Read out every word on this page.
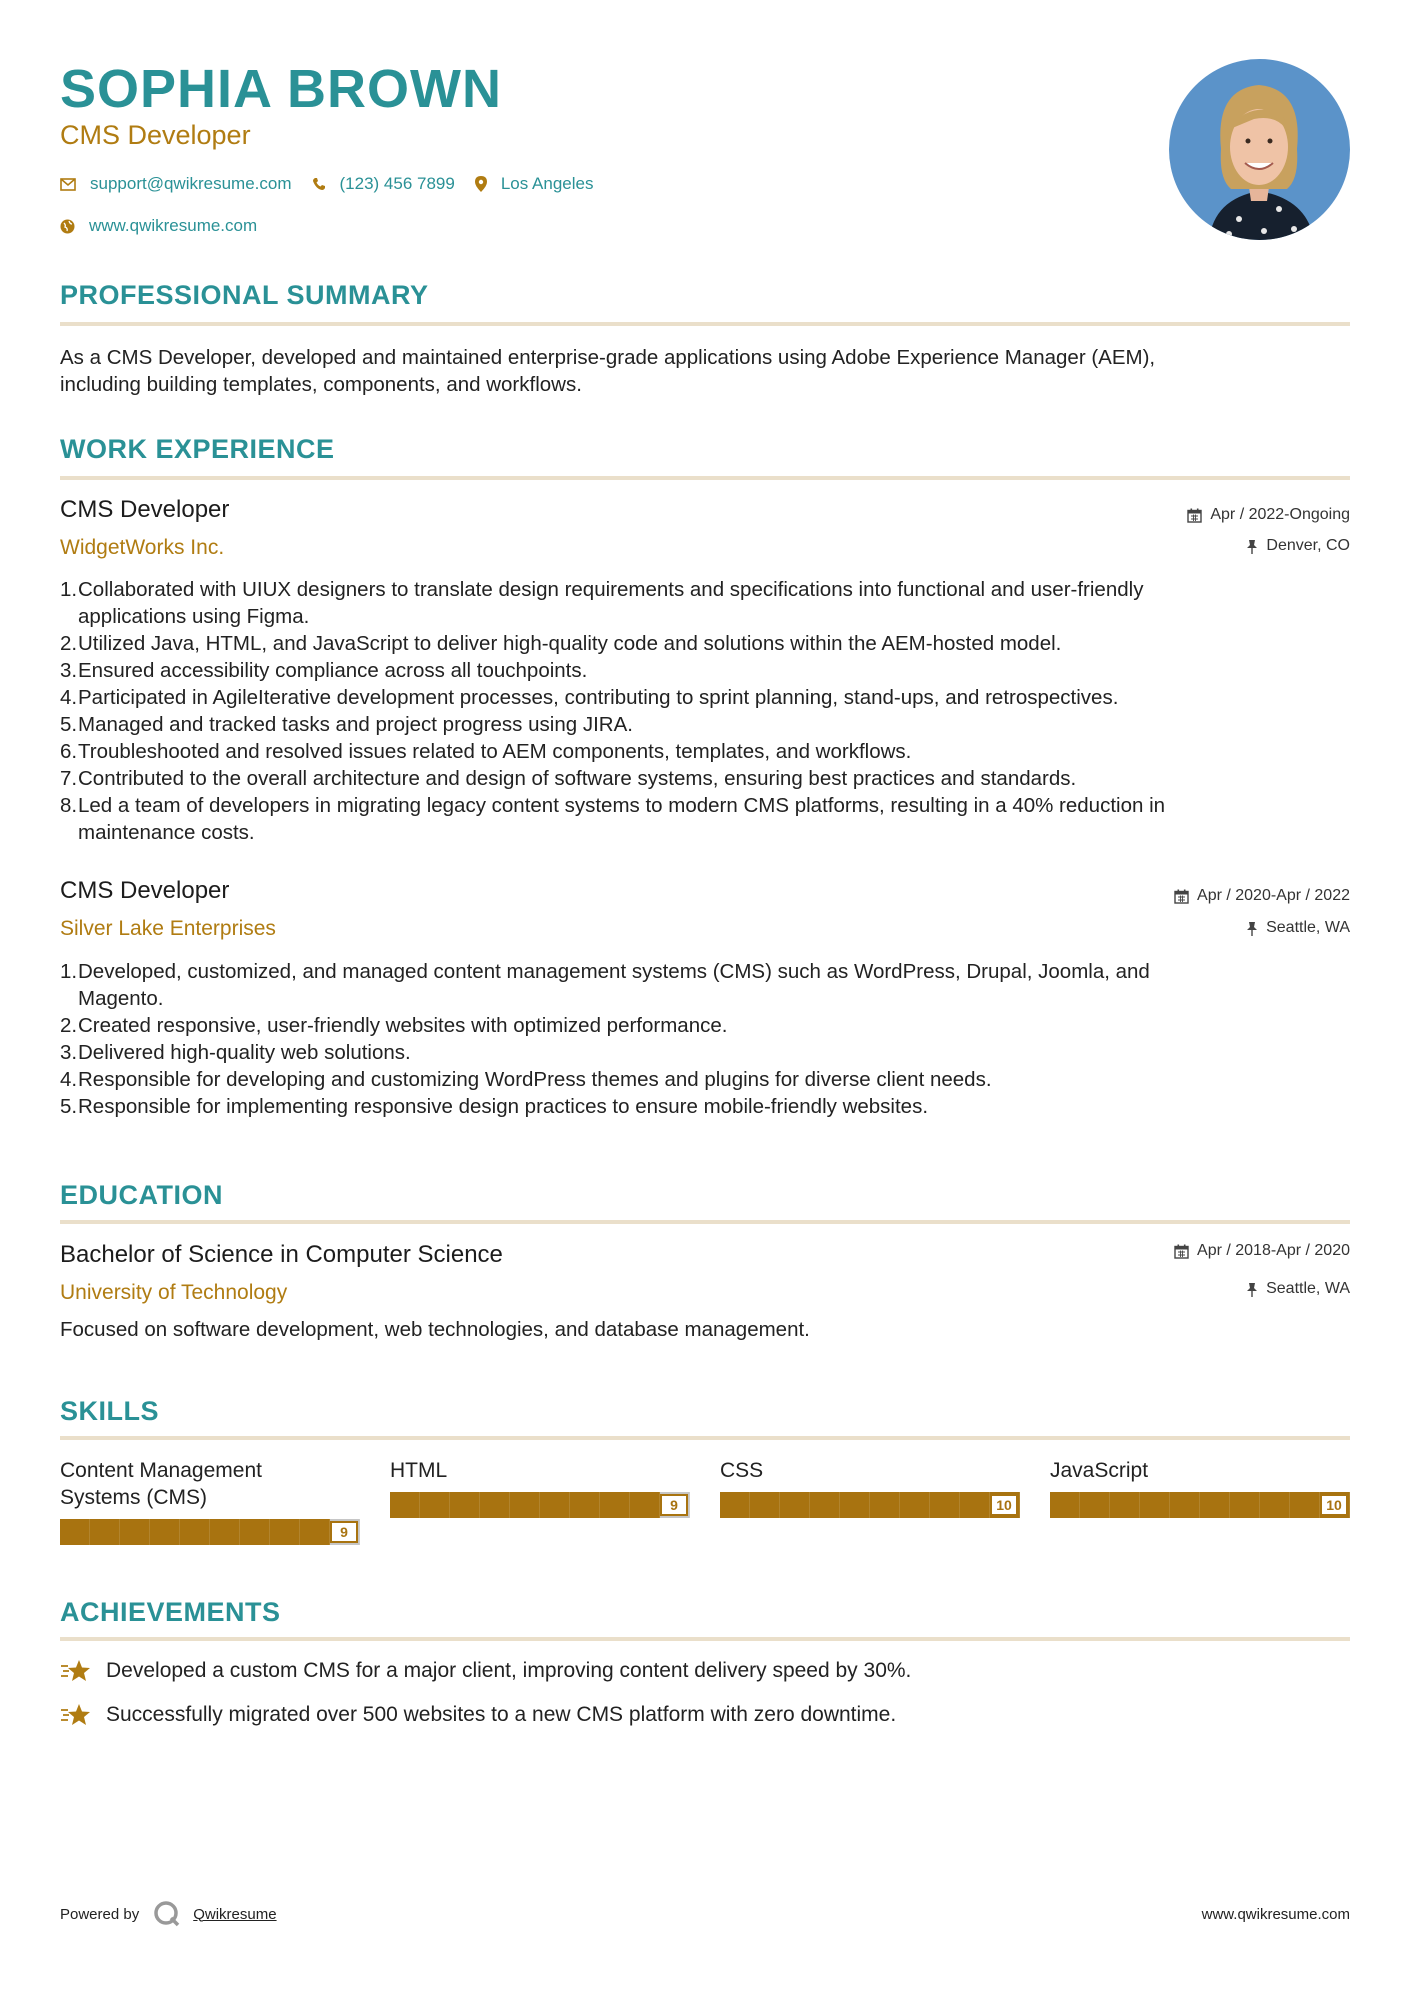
SOPHIA BROWN
CMS Developer
support@qwikresume.com	(123) 456 7899	Los Angeles
www.qwikresume.com
PROFESSIONAL SUMMARY
As a CMS Developer, developed and maintained enterprise-grade applications using Adobe Experience Manager (AEM),
including building templates, components, and workflows.
WORK EXPERIENCE
CMS Developer
WidgetWorks Inc.
Apr / 2022-Ongoing
Denver, CO
1. Collaborated with UIUX designers to translate design requirements and specifications into functional and user-friendly
applications using Figma.
2. Utilized Java, HTML, and JavaScript to deliver high-quality code and solutions within the AEM-hosted model.
3. Ensured accessibility compliance across all touchpoints.
4. Participated in AgileIterative development processes, contributing to sprint planning, stand-ups, and retrospectives.
5. Managed and tracked tasks and project progress using JIRA.
6. Troubleshooted and resolved issues related to AEM components, templates, and workflows.
7. Contributed to the overall architecture and design of software systems, ensuring best practices and standards.
8. Led a team of developers in migrating legacy content systems to modern CMS platforms, resulting in a 40% reduction in
maintenance costs.
CMS Developer
Silver Lake Enterprises
Apr / 2020-Apr / 2022
Seattle, WA
1. Developed, customized, and managed content management systems (CMS) such as WordPress, Drupal, Joomla, and
Magento.
2. Created responsive, user-friendly websites with optimized performance.
3. Delivered high-quality web solutions.
4. Responsible for developing and customizing WordPress themes and plugins for diverse client needs.
5. Responsible for implementing responsive design practices to ensure mobile-friendly websites.
EDUCATION
Bachelor of Science in Computer Science
University of Technology
Apr / 2018-Apr / 2020
Seattle, WA
Focused on software development, web technologies, and database management.
SKILLS
Content Management
Systems (CMS)
9
HTML
9
CSS
10
JavaScript
10
ACHIEVEMENTS
Developed a custom CMS for a major client, improving content delivery speed by 30%.
Successfully migrated over 500 websites to a new CMS platform with zero downtime.
Powered by	Qwikresume	www.qwikresume.com
